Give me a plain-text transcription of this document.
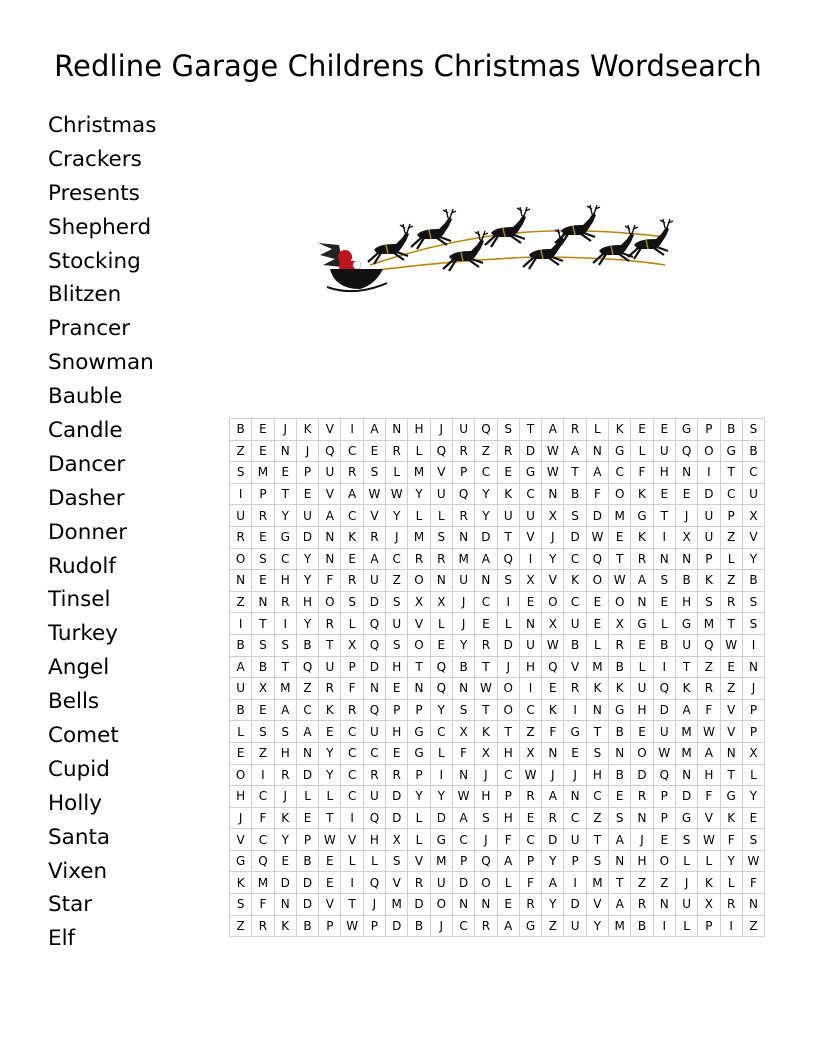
Redline Garage Childrens Christmas Wordsearch
Christmas
Crackers
Presents
Shepherd
Stocking
Blitzen
Prancer
Snowman
Bauble
Candle
Dancer
Dasher
Donner
Rudolf
Tinsel
Turkey
Angel
Bells
Comet
Cupid
Holly
Santa
Vixen
Star
Elf
B	E	J	K	V	I	A	N	H	J	U	Q	S	T	A	R	L	K	E	E	G	P	B	S
Z	E	N	J	Q	C	E	R	L	Q	R	Z	R	D	W	A	N	G	L	U	Q	O	G	B
S	M	E	P	U	R	S	L	M	V	P	C	E	G	W	T	A	C	F	H	N	I	T	C
I	P	T	E	V	A	W	W	Y	U	Q	Y	K	C	N	B	F	O	K	E	E	D	C	U
U	R	Y	U	A	C	V	Y	L	L	R	Y	U	U	X	S	D	M	G	T	J	U	P	X
R	E	G	D	N	K	R	J	M	S	N	D	T	V	J	D	W	E	K	I	X	U	Z	V
O	S	C	Y	N	E	A	C	R	R	M	A	Q	I	Y	C	Q	T	R	N	N	P	L	Y
N	E	H	Y	F	R	U	Z	O	N	U	N	S	X	V	K	O	W	A	S	B	K	Z	B
Z	N	R	H	O	S	D	S	X	X	J	C	I	E	O	C	E	O	N	E	H	S	R	S
I	T	I	Y	R	L	Q	U	V	L	J	E	L	N	X	U	E	X	G	L	G	M	T	S
B	S	S	B	T	X	Q	S	O	E	Y	R	D	U	W	B	L	R	E	B	U	Q	W	I
A	B	T	Q	U	P	D	H	T	Q	B	T	J	H	Q	V	M	B	L	I	T	Z	E	N
U	X	M	Z	R	F	N	E	N	Q	N	W	O	I	E	R	K	K	U	Q	K	R	Z	J
B	E	A	C	K	R	Q	P	P	Y	S	T	O	C	K	I	N	G	H	D	A	F	V	P
L	S	S	A	E	C	U	H	G	C	X	K	T	Z	F	G	T	B	E	U	M	W	V	P
E	Z	H	N	Y	C	C	E	G	L	F	X	H	X	N	E	S	N	O	W	M	A	N	X
O	I	R	D	Y	C	R	R	P	I	N	J	C	W	J	J	H	B	D	Q	N	H	T	L
H	C	J	L	L	C	U	D	Y	Y	W	H	P	R	A	N	C	E	R	P	D	F	G	Y
J	F	K	E	T	I	Q	D	L	D	A	S	H	E	R	C	Z	S	N	P	G	V	K	E
V	C	Y	P	W	V	H	X	L	G	C	J	F	C	D	U	T	A	J	E	S	W	F	S
G	Q	E	B	E	L	L	S	V	M	P	Q	A	P	Y	P	S	N	H	O	L	L	Y	W
K	M	D	D	E	I	Q	V	R	U	D	O	L	F	A	I	M	T	Z	Z	J	K	L	F
S	F	N	D	V	T	J	M	D	O	N	N	E	R	Y	D	V	A	R	N	U	X	R	N
Z	R	K	B	P	W	P	D	B	J	C	R	A	G	Z	U	Y	M	B	I	L	P	I	Z
